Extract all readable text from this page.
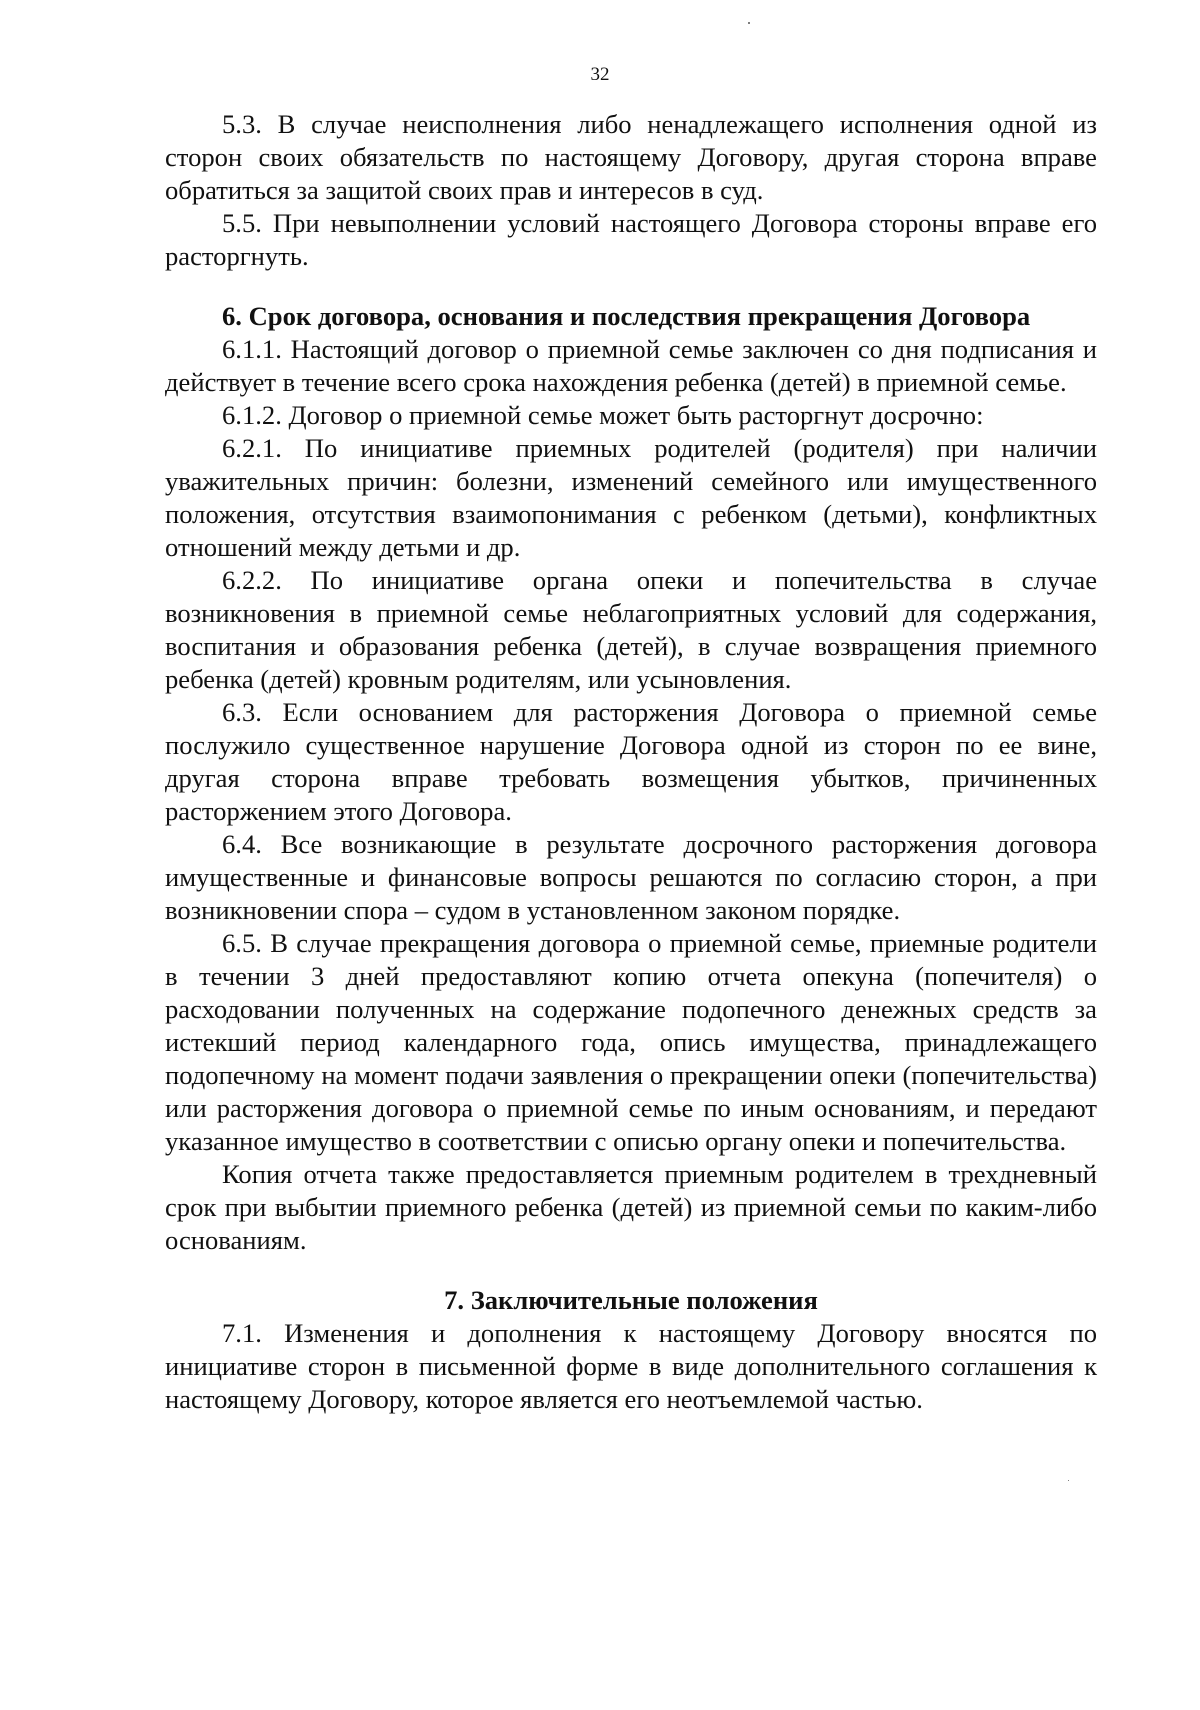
32

5.3. В случае неисполнения либо ненадлежащего исполнения одной из сторон своих обязательств по настоящему Договору, другая сторона вправе обратиться за защитой своих прав и интересов в суд.

5.5. При невыполнении условий настоящего Договора стороны вправе его расторгнуть.

6. Срок договора, основания и последствия прекращения Договора

6.1.1. Настоящий договор о приемной семье заключен со дня подписания и действует в течение всего срока нахождения ребенка (детей) в приемной семье.

6.1.2. Договор о приемной семье может быть расторгнут досрочно:

6.2.1. По инициативе приемных родителей (родителя) при наличии уважительных причин: болезни, изменений семейного или имущественного положения, отсутствия взаимопонимания с ребенком (детьми), конфликтных отношений между детьми и др.

6.2.2. По инициативе органа опеки и попечительства в случае возникновения в приемной семье неблагоприятных условий для содержания, воспитания и образования ребенка (детей), в случае возвращения приемного ребенка (детей) кровным родителям, или усыновления.

6.3. Если основанием для расторжения Договора о приемной семье послужило существенное нарушение Договора одной из сторон по ее вине, другая сторона вправе требовать возмещения убытков, причиненных расторжением этого Договора.

6.4. Все возникающие в результате досрочного расторжения договора имущественные и финансовые вопросы решаются по согласию сторон, а при возникновении спора – судом в установленном законом порядке.

6.5. В случае прекращения договора о приемной семье, приемные родители в течении 3 дней предоставляют копию отчета опекуна (попечителя) о расходовании полученных на содержание подопечного денежных средств за истекший период календарного года, опись имущества, принадлежащего подопечному на момент подачи заявления о прекращении опеки (попечительства) или расторжения договора о приемной семье по иным основаниям, и передают указанное имущество в соответствии с описью органу опеки и попечительства.

Копия отчета также предоставляется приемным родителем в трехдневный срок при выбытии приемного ребенка (детей) из приемной семьи по каким-либо основаниям.

7. Заключительные положения

7.1. Изменения и дополнения к настоящему Договору вносятся по инициативе сторон в письменной форме в виде дополнительного соглашения к настоящему Договору, которое является его неотъемлемой частью.
